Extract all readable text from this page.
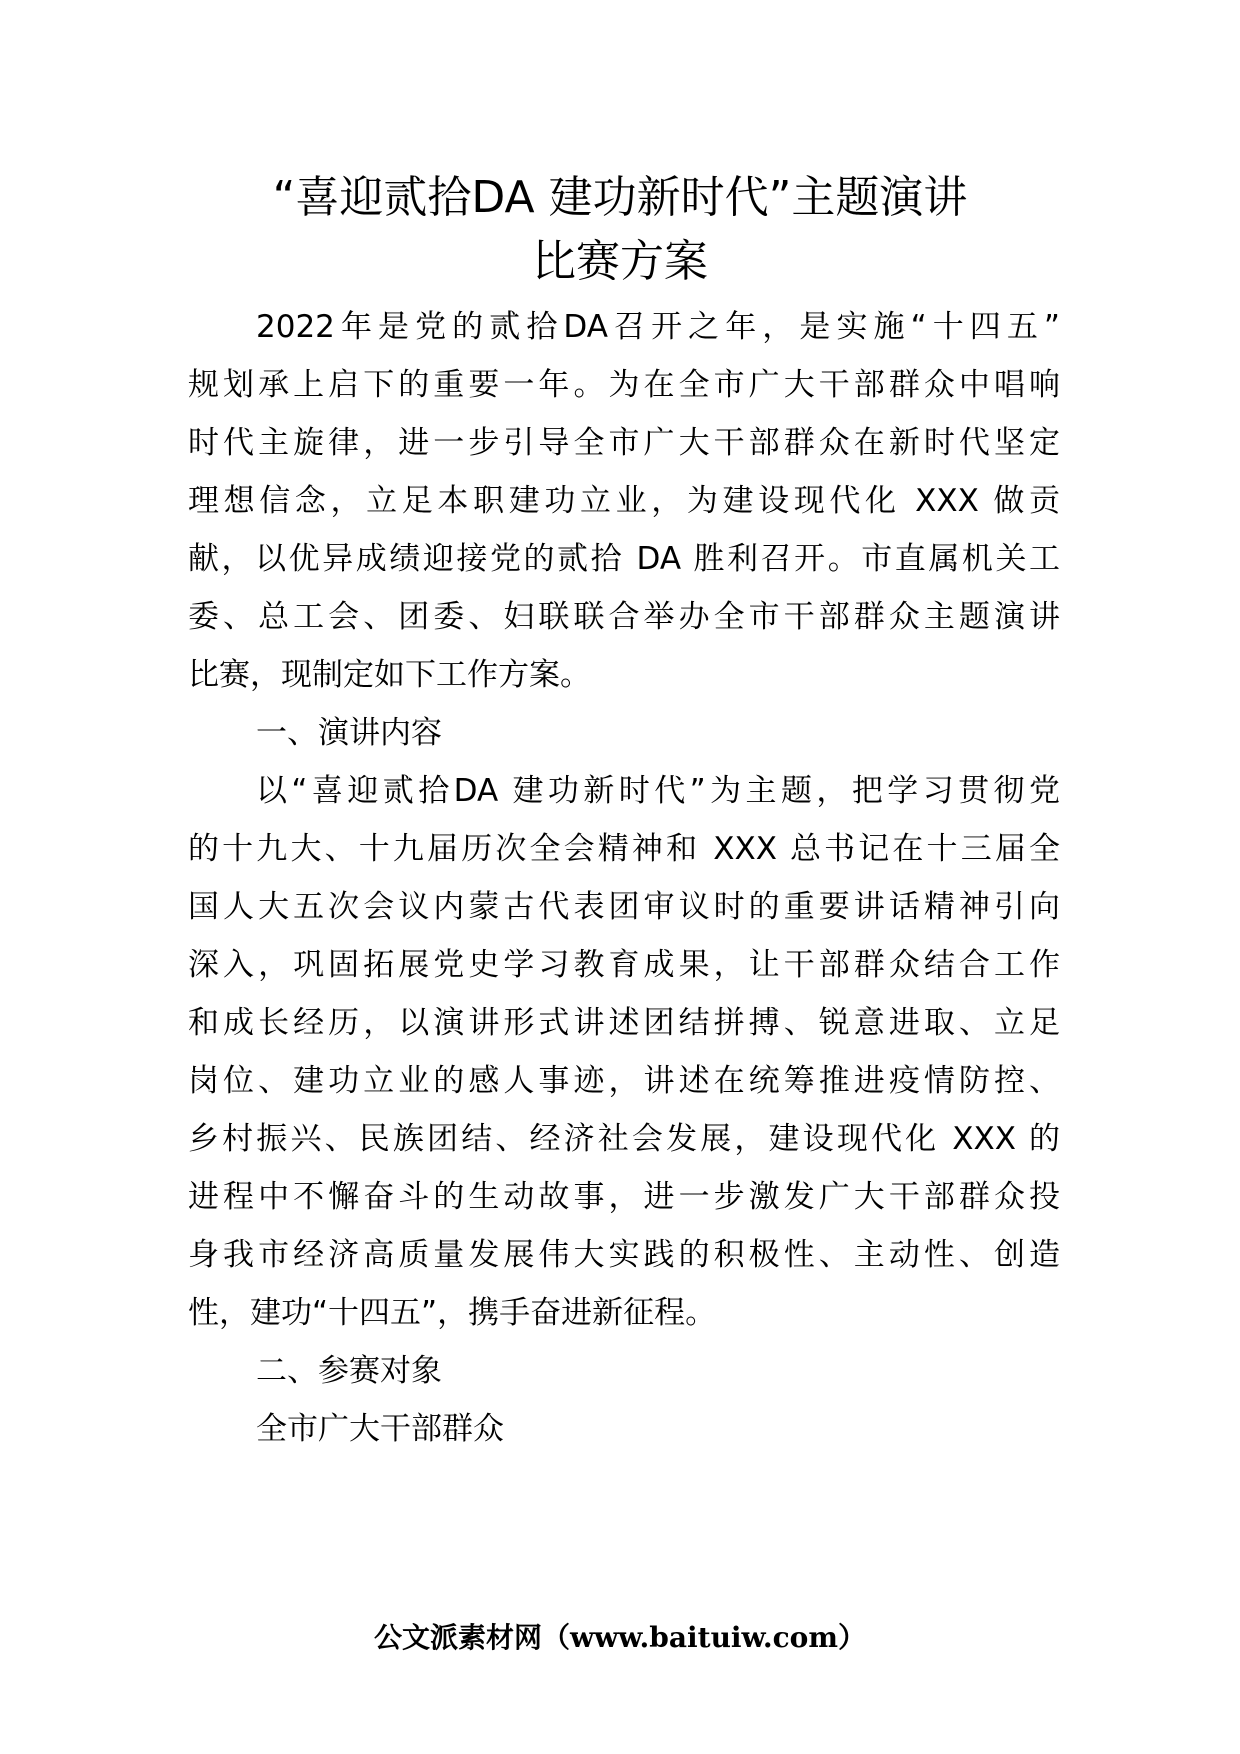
“喜迎贰拾DA 建功新时代”主题演讲
比赛方案
2022年是党的贰拾DA召开之年，是实施“十四五”
规划承上启下的重要一年。为在全市广大干部群众中唱响
时代主旋律，进一步引导全市广大干部群众在新时代坚定
理想信念，立足本职建功立业，为建设现代化 XXX 做贡
献，以优异成绩迎接党的贰拾 DA 胜利召开。市直属机关工
委、总工会、团委、妇联联合举办全市干部群众主题演讲
比赛，现制定如下工作方案。
一、演讲内容
以“喜迎贰拾DA 建功新时代”为主题，把学习贯彻党
的十九大、十九届历次全会精神和 XXX 总书记在十三届全
国人大五次会议内蒙古代表团审议时的重要讲话精神引向
深入，巩固拓展党史学习教育成果，让干部群众结合工作
和成长经历，以演讲形式讲述团结拼搏、锐意进取、立足
岗位、建功立业的感人事迹，讲述在统筹推进疫情防控、
乡村振兴、民族团结、经济社会发展，建设现代化 XXX 的
进程中不懈奋斗的生动故事，进一步激发广大干部群众投
身我市经济高质量发展伟大实践的积极性、主动性、创造
性，建功“十四五”，携手奋进新征程。
二、参赛对象
全市广大干部群众
公文派素材网（www.baituiw.com）
